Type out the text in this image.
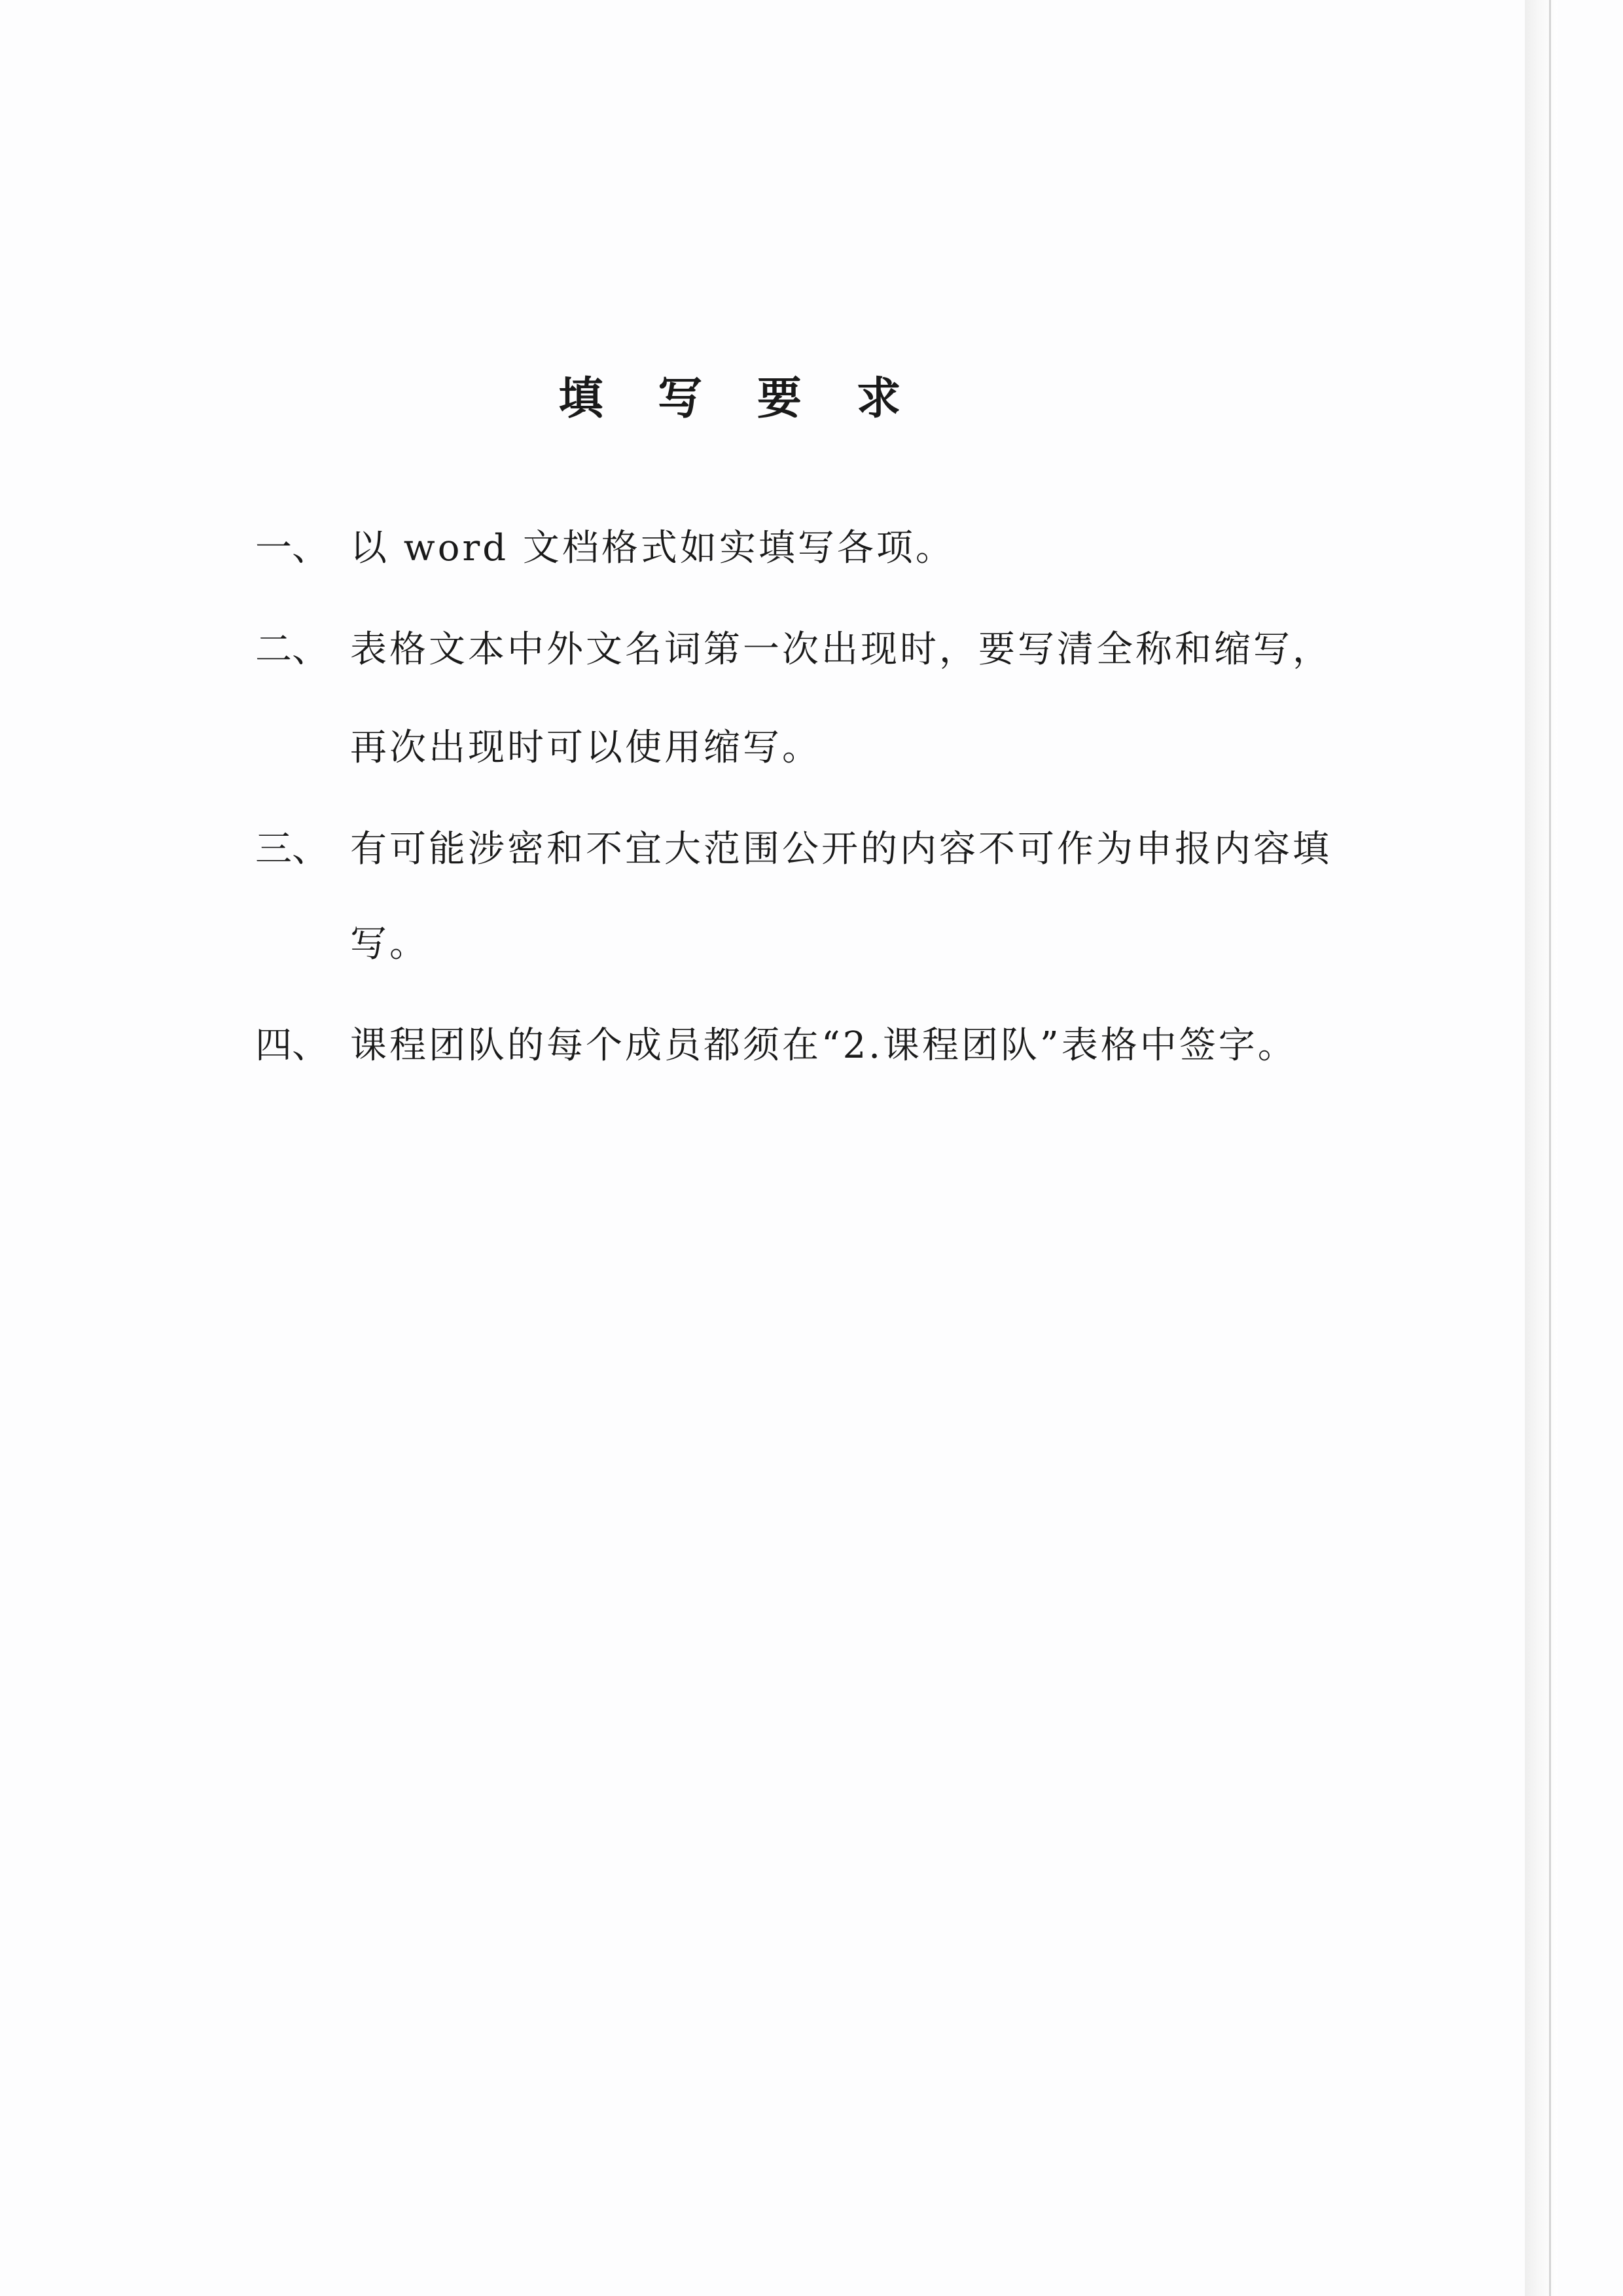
填 写 要 求
一、 以 word 文档格式如实填写各项。
二、 表格文本中外文名词第一次出现时，要写清全称和缩写，
再次出现时可以使用缩写。
三、 有可能涉密和不宜大范围公开的内容不可作为申报内容填
写。
四、 课程团队的每个成员都须在“2.课程团队”表格中签字。
